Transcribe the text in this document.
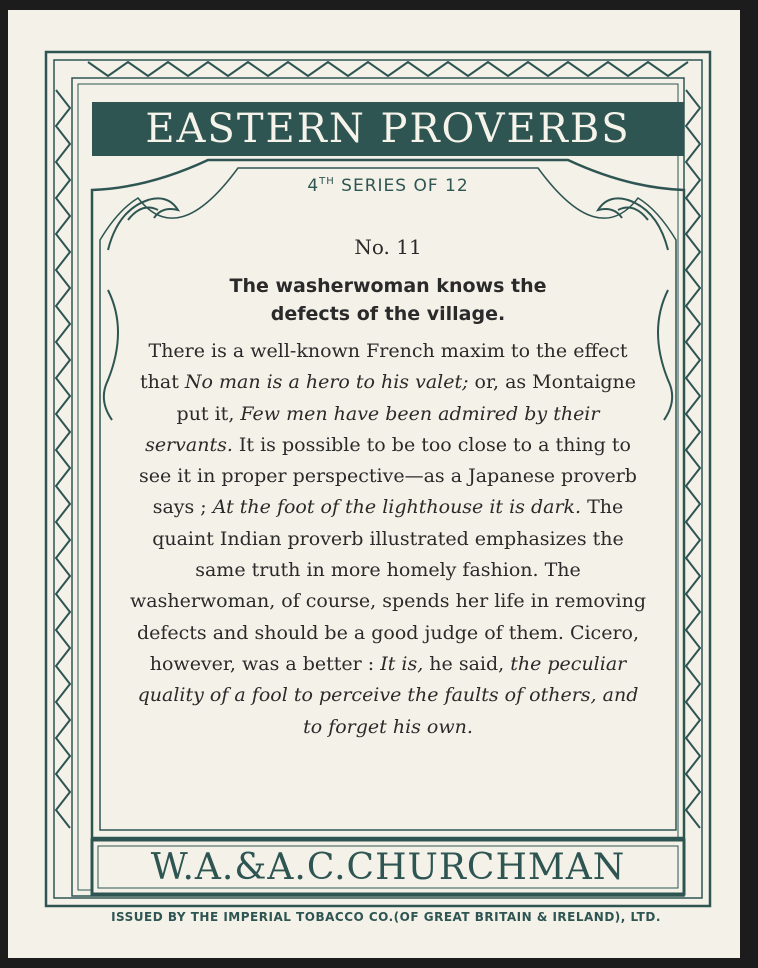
EASTERN PROVERBS
4TH SERIES OF 12
No. 11
The washerwoman knows the
defects of the village.
There is a well-known French maxim to the effect that No man is a hero to his valet; or, as Montaigne put it, Few men have been admired by their servants. It is possible to be too close to a thing to see it in proper perspective—as a Japanese proverb says ; At the foot of the lighthouse it is dark. The quaint Indian proverb illustrated emphasizes the same truth in more homely fashion. The washerwoman, of course, spends her life in removing defects and should be a good judge of them. Cicero, however, was a better : It is, he said, the peculiar quality of a fool to perceive the faults of others, and to forget his own.
W.A.&A.C.CHURCHMAN
ISSUED BY THE IMPERIAL TOBACCO CO.(OF GREAT BRITAIN & IRELAND), LTD.
